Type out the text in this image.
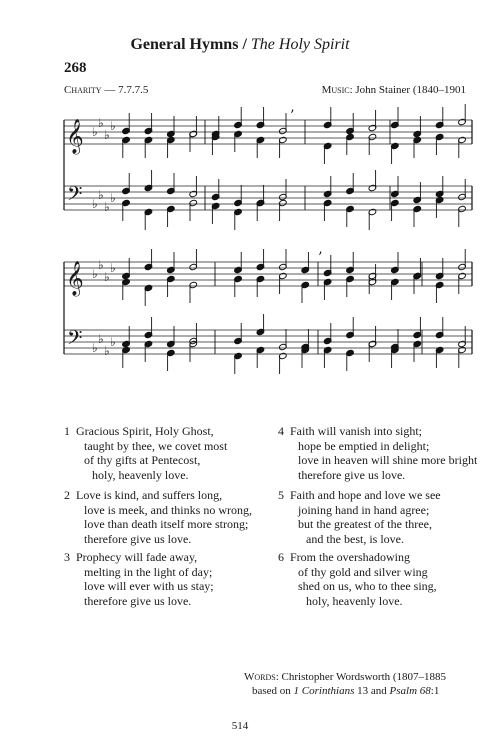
General Hymns / The Holy Spirit
268
Charity — 7.7.7.5	Music: John Stainer (1840–1901
𝄞
𝄢
♭
♭
♭
♭
♭
♭
♭
♭
’
𝄞
𝄢
♭
♭
♭
♭
♭
♭
♭
♭
’
1 Gracious Spirit, Holy Ghost,
taught by thee, we covet most
of thy gifts at Pentecost,
holy, heavenly love.
2 Love is kind, and suffers long,
love is meek, and thinks no wrong,
love than death itself more strong;
therefore give us love.
3 Prophecy will fade away,
melting in the light of day;
love will ever with us stay;
therefore give us love.
4 Faith will vanish into sight;
hope be emptied in delight;
love in heaven will shine more bright
therefore give us love.
5 Faith and hope and love we see
joining hand in hand agree;
but the greatest of the three,
and the best, is love.
6 From the overshadowing
of thy gold and silver wing
shed on us, who to thee sing,
holy, heavenly love.
Words: Christopher Wordsworth (1807–1885
based on 1 Corinthians 13 and Psalm 68:1
514
